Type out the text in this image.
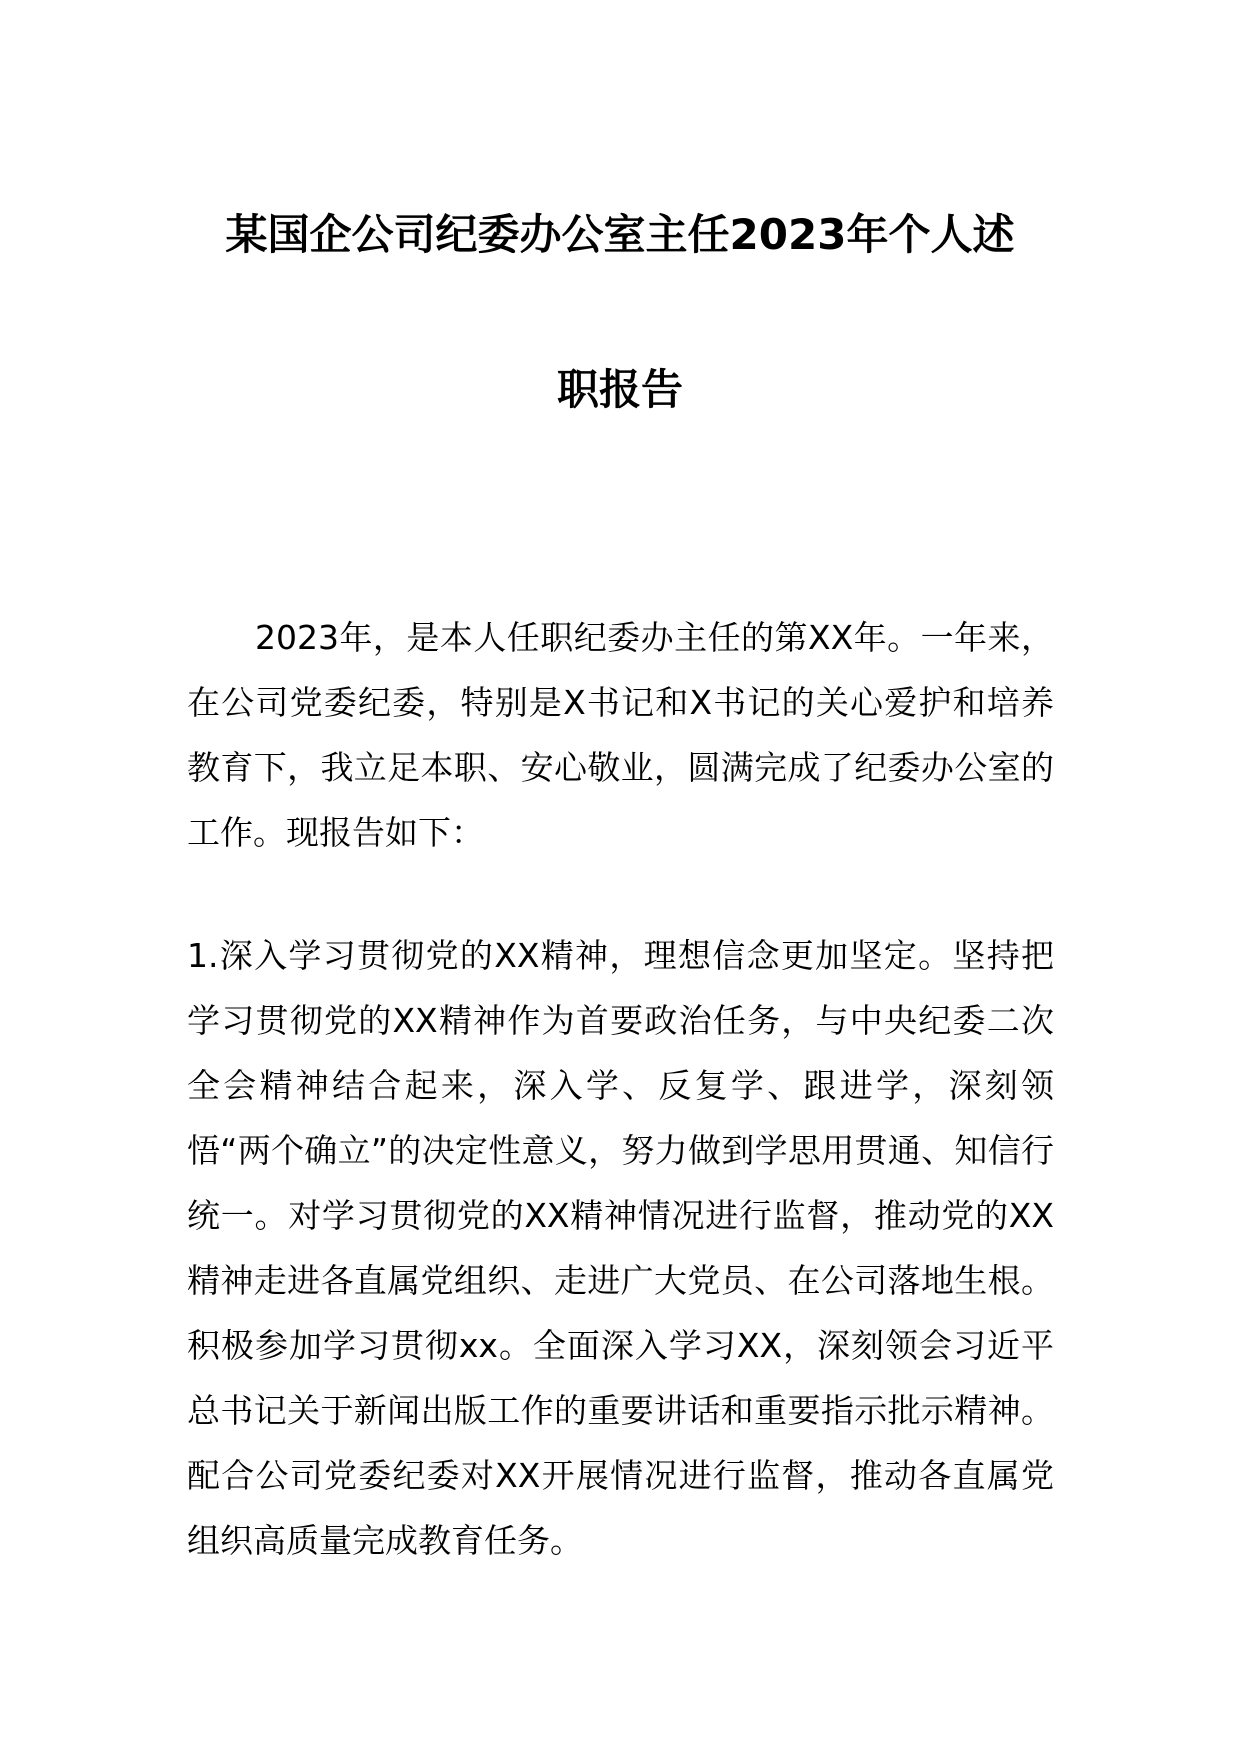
某国企公司纪委办公室主任2023年个人述
职报告

2023年，是本人任职纪委办主任的第XX年。一年来，在公司党委纪委，特别是X书记和X书记的关心爱护和培养教育下，我立足本职、安心敬业，圆满完成了纪委办公室的工作。现报告如下：

1.深入学习贯彻党的XX精神，理想信念更加坚定。坚持把学习贯彻党的XX精神作为首要政治任务，与中央纪委二次全会精神结合起来，深入学、反复学、跟进学，深刻领悟“两个确立”的决定性意义，努力做到学思用贯通、知信行统一。对学习贯彻党的XX精神情况进行监督，推动党的XX精神走进各直属党组织、走进广大党员、在公司落地生根。积极参加学习贯彻xx。全面深入学习XX，深刻领会习近平总书记关于新闻出版工作的重要讲话和重要指示批示精神。配合公司党委纪委对XX开展情况进行监督，推动各直属党组织高质量完成教育任务。
